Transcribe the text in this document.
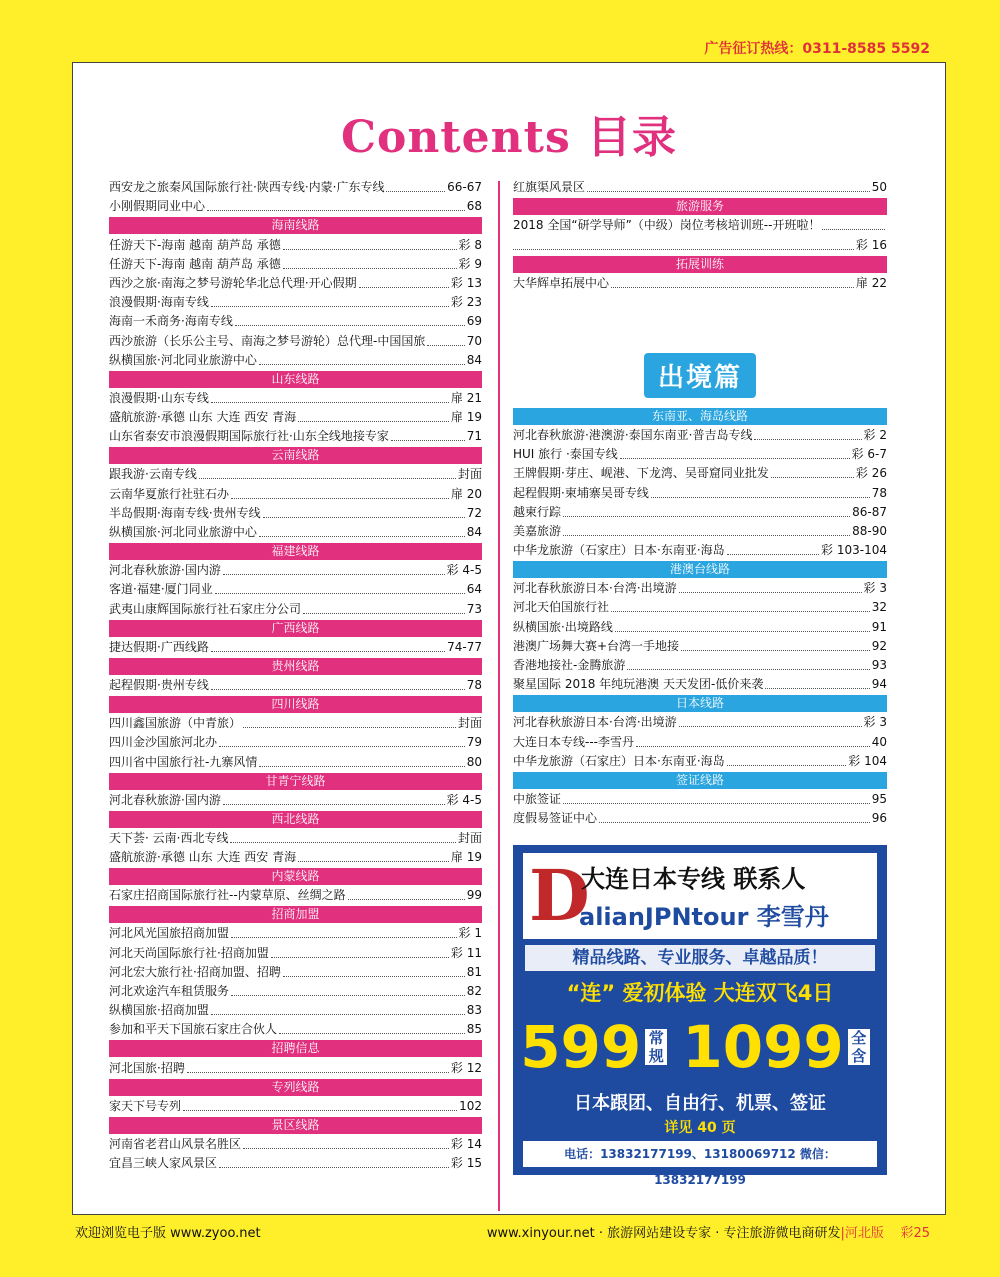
广告征订热线：0311-8585 5592
Contents 目录
西安龙之旅秦风国际旅行社·陕西专线·内蒙·广东专线	66-67
小刚假期同业中心	68
海南线路
任游天下-海南 越南 葫芦岛 承德	彩 8
任游天下-海南 越南 葫芦岛 承德	彩 9
西沙之旅·南海之梦号游轮华北总代理·开心假期	彩 13
浪漫假期·海南专线	彩 23
海南一禾商务·海南专线	69
西沙旅游（长乐公主号、南海之梦号游轮）总代理-中国国旅	70
纵横国旅·河北同业旅游中心	84
山东线路
浪漫假期·山东专线	扉 21
盛航旅游·承德 山东 大连 西安 青海	扉 19
山东省泰安市浪漫假期国际旅行社·山东全线地接专家	71
云南线路
跟我游·云南专线	封面
云南华夏旅行社驻石办	扉 20
半岛假期·海南专线·贵州专线	72
纵横国旅·河北同业旅游中心	84
福建线路
河北春秋旅游·国内游	彩 4-5
客道·福建·厦门同业	64
武夷山康辉国际旅行社石家庄分公司	73
广西线路
捷达假期·广西线路	74-77
贵州线路
起程假期·贵州专线	78
四川线路
四川鑫国旅游（中青旅）	封面
四川金沙国旅河北办	79
四川省中国旅行社-九寨风情	80
甘青宁线路
河北春秋旅游·国内游	彩 4-5
西北线路
天下荟· 云南·西北专线	封面
盛航旅游·承德 山东 大连 西安 青海	扉 19
内蒙线路
石家庄招商国际旅行社--内蒙草原、丝绸之路	99
招商加盟
河北风光国旅招商加盟	彩 1
河北天尚国际旅行社·招商加盟	彩 11
河北宏大旅行社·招商加盟、招聘	81
河北欢途汽车租赁服务	82
纵横国旅·招商加盟	83
参加和平天下国旅石家庄合伙人	85
招聘信息
河北国旅·招聘	彩 12
专列线路
家天下号专列	102
景区线路
河南省老君山风景名胜区	彩 14
宜昌三峡人家风景区	彩 15
红旗渠风景区	50
旅游服务
2018 全国“研学导师”（中级）岗位考核培训班--开班啦！
彩 16
拓展训练
大华辉卓拓展中心	扉 22
出境篇
东南亚、海岛线路
河北春秋旅游·港澳游·泰国东南亚·普吉岛专线	彩 2
HUI 旅行 ·泰国专线	彩 6-7
王牌假期·芽庄、岘港、下龙湾、吴哥窟同业批发	彩 26
起程假期·柬埔寨吴哥专线	78
越柬行踪	86-87
美嘉旅游	88-90
中华龙旅游（石家庄）日本·东南亚·海岛	彩 103-104
港澳台线路
河北春秋旅游日本·台湾·出境游	彩 3
河北天伯国旅行社	32
纵横国旅·出境路线	91
港澳广场舞大赛+台湾一手地接	92
香港地接社-金腾旅游	93
聚星国际 2018 年纯玩港澳 天天发团-低价来袭	94
日本线路
河北春秋旅游日本·台湾·出境游	彩 3
大连日本专线---李雪丹	40
中华龙旅游（石家庄）日本·东南亚·海岛	彩 104
签证线路
中旅签证	95
度假易签证中心	96
D
大连日本专线 联系人
alianJPNtour 李雪丹
精品线路、专业服务、卓越品质！
“连” 爱初体验 大连双飞4日
599 常规 1099 全含
日本跟团、自由行、机票、签证
详见 40 页
电话：13832177199、13180069712 微信：13832177199
欢迎浏览电子版 www.zyoo.net	www.xinyour.net · 旅游网站建设专家 · 专注旅游微电商研发|河北版 彩25
